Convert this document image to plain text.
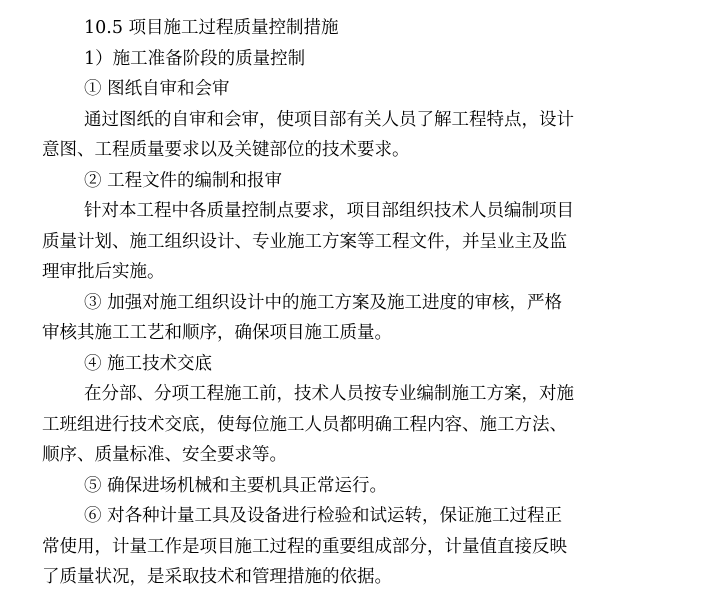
10.5 项目施工过程质量控制措施
1）施工准备阶段的质量控制
① 图纸自审和会审
通过图纸的自审和会审，使项目部有关人员了解工程特点，设计
意图、工程质量要求以及关键部位的技术要求。
② 工程文件的编制和报审
针对本工程中各质量控制点要求，项目部组织技术人员编制项目
质量计划、施工组织设计、专业施工方案等工程文件，并呈业主及监
理审批后实施。
③ 加强对施工组织设计中的施工方案及施工进度的审核，严格
审核其施工工艺和顺序，确保项目施工质量。
④ 施工技术交底
在分部、分项工程施工前，技术人员按专业编制施工方案，对施
工班组进行技术交底，使每位施工人员都明确工程内容、施工方法、
顺序、质量标准、安全要求等。
⑤ 确保进场机械和主要机具正常运行。
⑥ 对各种计量工具及设备进行检验和试运转，保证施工过程正
常使用，计量工作是项目施工过程的重要组成部分，计量值直接反映
了质量状况，是采取技术和管理措施的依据。
